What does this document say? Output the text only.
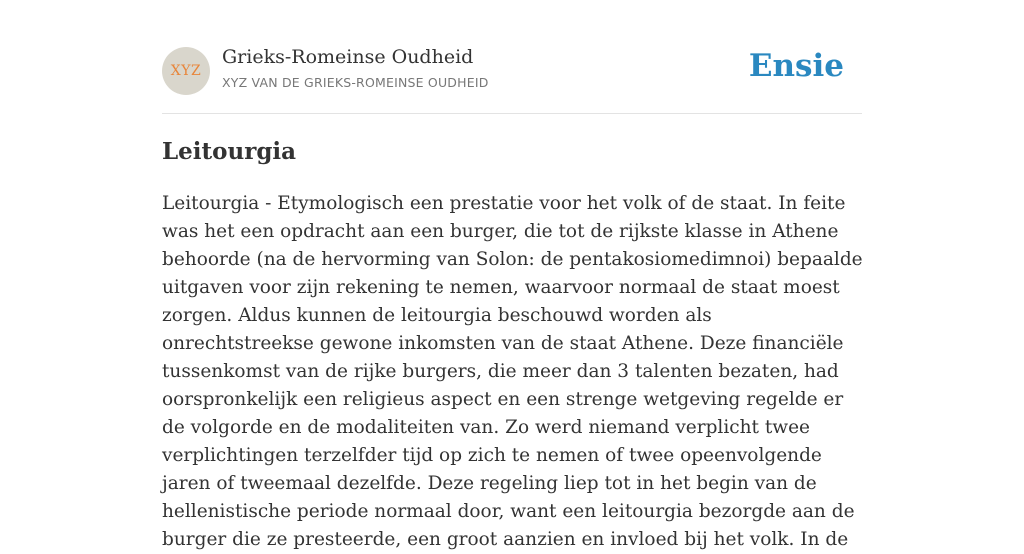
XYZ
Grieks-Romeinse Oudheid
XYZ VAN DE GRIEKS-ROMEINSE OUDHEID	Ensie
Leitourgia

Leitourgia - Etymologisch een prestatie voor het volk of de staat. In feite was het een opdracht aan een burger, die tot de rijkste klasse in Athene behoorde (na de hervorming van Solon: de pentakosiomedimnoi) bepaalde uitgaven voor zijn rekening te nemen, waarvoor normaal de staat moest zorgen. Aldus kunnen de leitourgia beschouwd worden als onrechtstreekse gewone inkomsten van de staat Athene. Deze financiële tussenkomst van de rijke burgers, die meer dan 3 talenten bezaten, had oorspronkelijk een religieus aspect en een strenge wetgeving regelde er de volgorde en de modaliteiten van. Zo werd niemand verplicht twee verplichtingen terzelfder tijd op zich te nemen of twee opeenvolgende jaren of tweemaal dezelfde. Deze regeling liep tot in het begin van de hellenistische periode normaal door, want een leitourgia bezorgde aan de burger die ze presteerde, een groot aanzien en invloed bij het volk. In de
